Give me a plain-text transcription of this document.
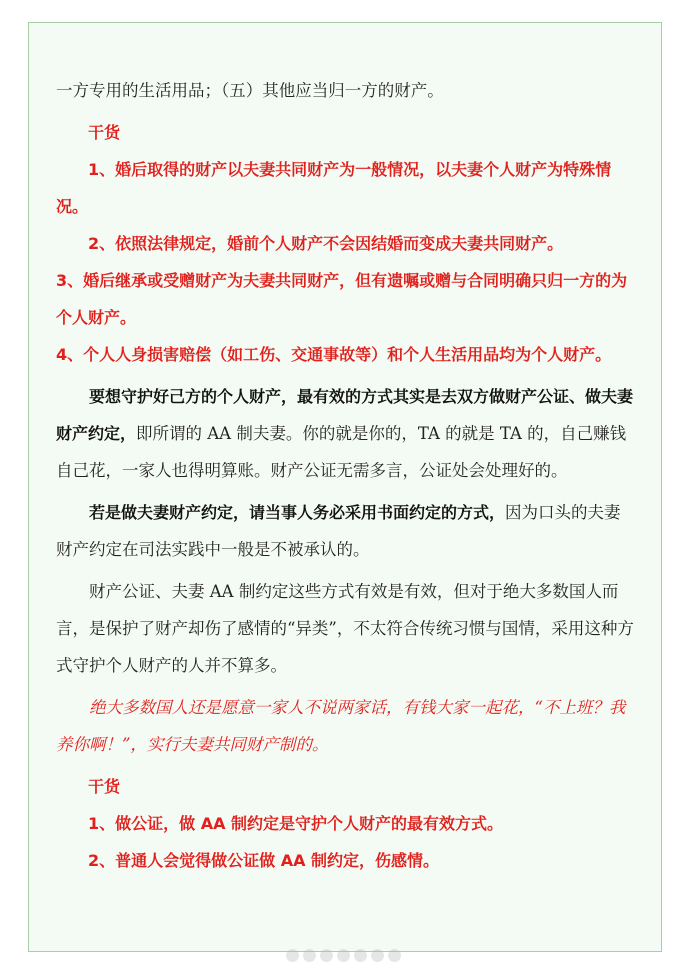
一方专用的生活用品；（五）其他应当归一方的财产。

干货

1、婚后取得的财产以夫妻共同财产为一般情况，以夫妻个人财产为特殊情况。

2、依照法律规定，婚前个人财产不会因结婚而变成夫妻共同财产。

3、婚后继承或受赠财产为夫妻共同财产，但有遗嘱或赠与合同明确只归一方的为个人财产。

4、个人人身损害赔偿（如工伤、交通事故等）和个人生活用品均为个人财产。

要想守护好己方的个人财产，最有效的方式其实是去双方做财产公证、做夫妻财产约定，即所谓的 AA 制夫妻。你的就是你的，TA 的就是 TA 的，自己赚钱自己花，一家人也得明算账。财产公证无需多言，公证处会处理好的。

若是做夫妻财产约定，请当事人务必采用书面约定的方式，因为口头的夫妻财产约定在司法实践中一般是不被承认的。

财产公证、夫妻 AA 制约定这些方式有效是有效，但对于绝大多数国人而言，是保护了财产却伤了感情的“异类”，不太符合传统习惯与国情，采用这种方式守护个人财产的人并不算多。

绝大多数国人还是愿意一家人不说两家话，有钱大家一起花，“不上班？我养你啊！”，实行夫妻共同财产制的。

干货

1、做公证，做 AA 制约定是守护个人财产的最有效方式。

2、普通人会觉得做公证做 AA 制约定，伤感情。
